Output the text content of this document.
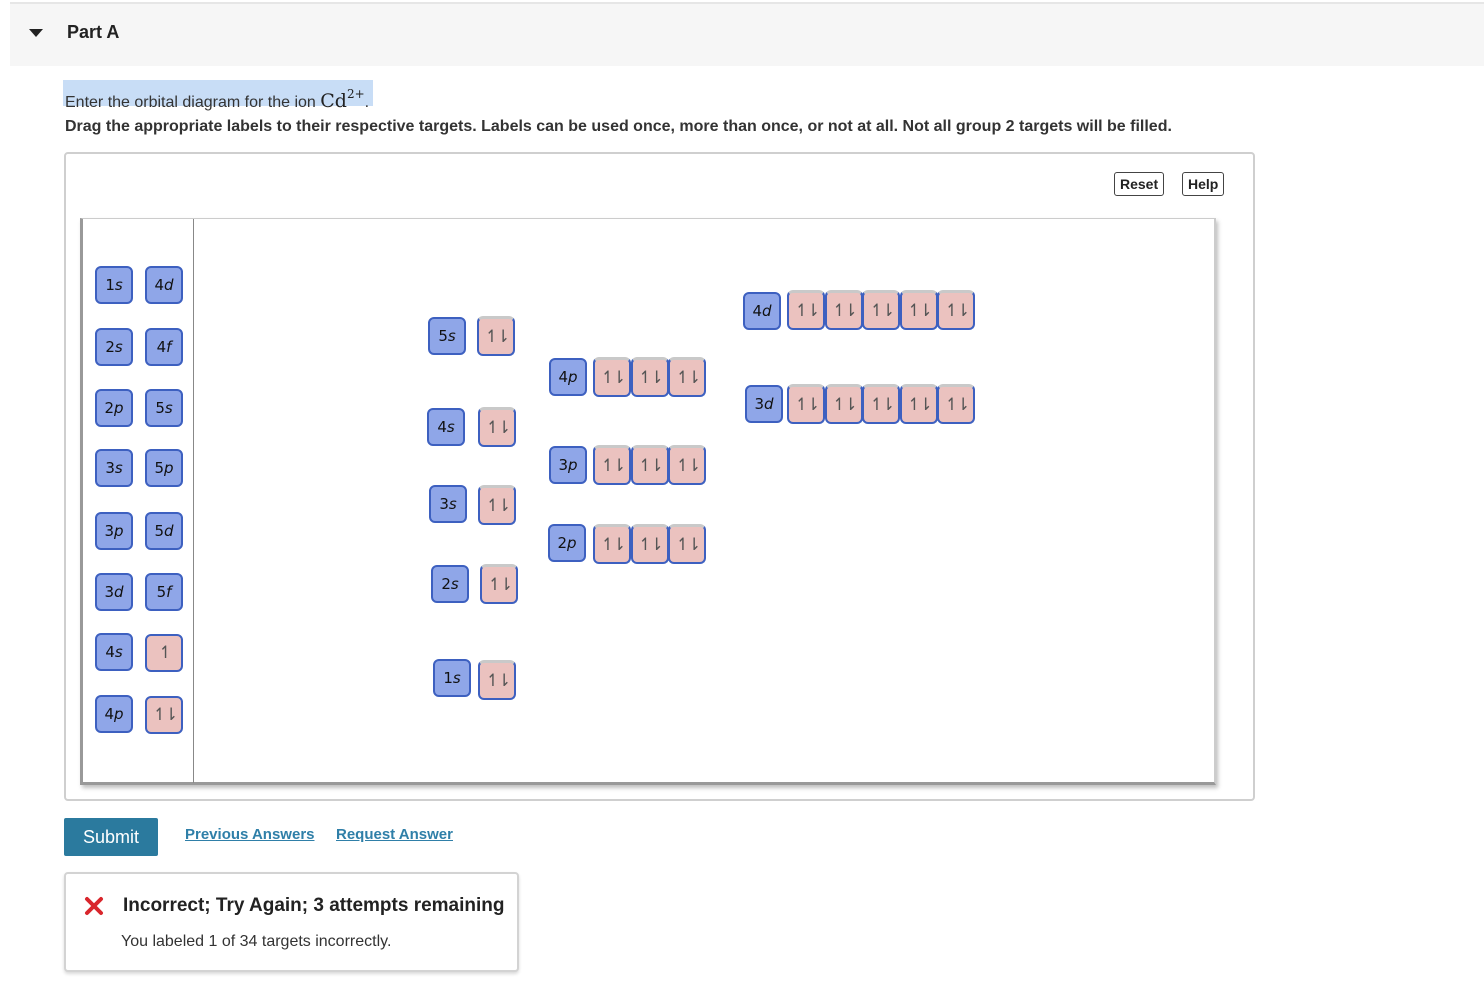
Part A
Enter the orbital diagram for the ion $Cd^{2+}$.
Drag the appropriate labels to their respective targets. Labels can be used once, more than once, or not at all. Not all group 2 targets will be filled.
Reset	Help
1 s
2 s
2 p
3 s
3 p
3 d
4 s
4 p
4 d
4 f
5 s
5 p
5 d
5 f
↿
↿⇂
5 s	↿⇂
4 s	↿⇂
3 s	↿⇂
2 s	↿⇂
1 s	↿⇂
4 p	↿⇂ ↿⇂ ↿⇂
3 p	↿⇂ ↿⇂ ↿⇂
2 p	↿⇂ ↿⇂ ↿⇂
4 d	↿⇂ ↿⇂ ↿⇂ ↿⇂ ↿⇂
3 d	↿⇂ ↿⇂ ↿⇂ ↿⇂ ↿⇂
Submit	Previous Answers Request Answer
Incorrect; Try Again; 3 attempts remaining
You labeled 1 of 34 targets incorrectly.
